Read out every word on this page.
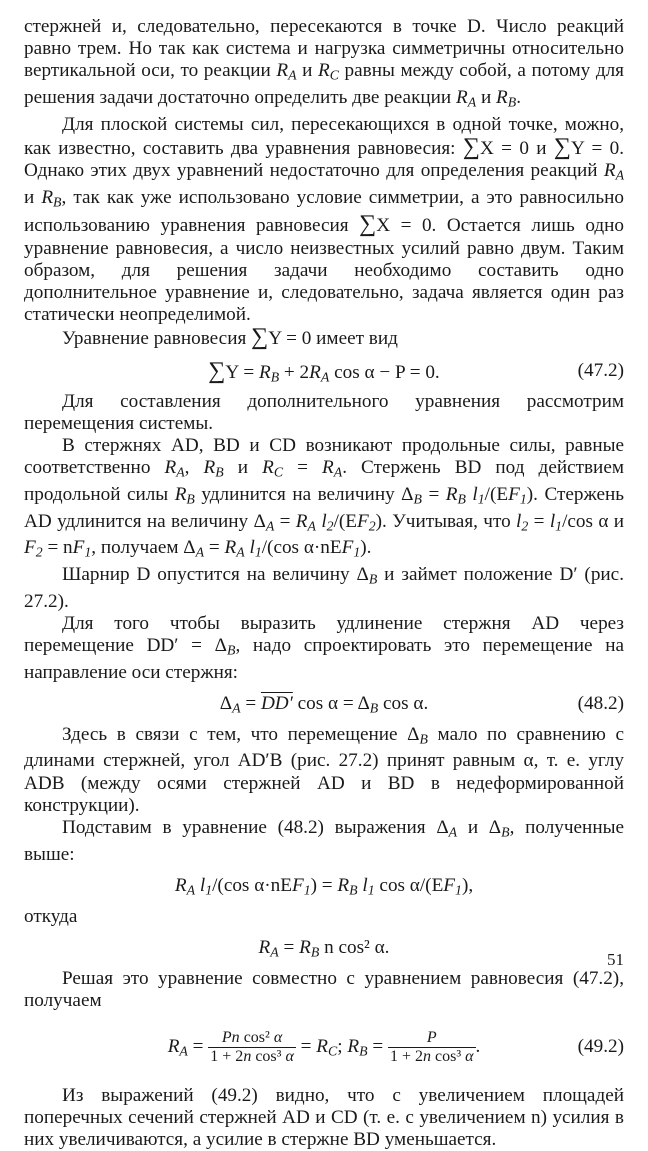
стержней и, следовательно, пересекаются в точке D. Число реакций равно трем. Но так как система и нагрузка симметричны относительно вертикальной оси, то реакции $R_A$ и $R_C$ равны между собой, а потому для решения задачи достаточно определить две реакции $R_A$ и $R_B$.

Для плоской системы сил, пересекающихся в одной точке, можно, как известно, составить два уравнения равновесия: ∑X = 0 и ∑Y = 0. Однако этих двух уравнений недостаточно для определения реакций $R_A$ и $R_B$, так как уже использовано условие симметрии, а это равносильно использованию уравнения равновесия ∑X = 0. Остается лишь одно уравнение равновесия, а число неизвестных усилий равно двум. Таким образом, для решения задачи необходимо составить одно дополнительное уравнение и, следовательно, задача является один раз статически неопределимой.

Уравнение равновесия ∑Y = 0 имеет вид

$\sum Y = R_B + 2R_A$ cos α − P = 0.	(47.2)

Для составления дополнительного уравнения рассмотрим перемещения системы.

В стержнях AD, BD и CD возникают продольные силы, равные соответственно $R_A$, $R_B$ и $R_C = R_A$. Стержень BD под действием продольной силы $R_B$ удлинится на величину $\Delta_B = R_B$ $l_1/(EF_1)$. Стержень AD удлинится на величину $\Delta_A = R_A$ $l_2/(EF_2)$. Учитывая, что $l_2 = l_1/\cos$ α и $F_2 = nF_1$, получаем $\Delta_A = R_A$ $l_1/(\cos$ α·nEF$_1$).

Шарнир D опустится на величину $\Delta_B$ и займет положение D′ (рис. 27.2).

Для того чтобы выразить удлинение стержня AD через перемещение $DD' = \Delta_B$, надо спроектировать это перемещение на направление оси стержня:

$\Delta_A = DD'$ $\cos \alpha = \Delta_B$ cos α.	(48.2)

Здесь в связи с тем, что перемещение $\Delta_B$ мало по сравнению с длинами стержней, угол AD′B (рис. 27.2) принят равным α, т. е. углу ADB (между осями стержней AD и BD в недеформированной конструкции).

Подставим в уравнение (48.2) выражения $\Delta_A$ и $\Delta_B$, полученные выше:

$R_A$ $l_1/(\cos$ $\alpha\cdot nEF_1) = R_B$ $l_1$ $\cos \alpha/(EF_1)$,

откуда

$R_A = R_B$ n cos² α.

Решая это уравнение совместно с уравнением равновесия (47.2), получаем

$R_A = \frac{\text{Pn cos² α}}{\text{1 + 2n cos³ α}} = R_C$; $R_B = \frac{P}{\text{1 + 2n cos³ α}}$ .	(49.2)

Из выражений (49.2) видно, что с увеличением площадей поперечных сечений стержней AD и CD (т. е. с увеличением n) усилия в них увеличиваются, а усилие в стержне BD уменьшается.

51
